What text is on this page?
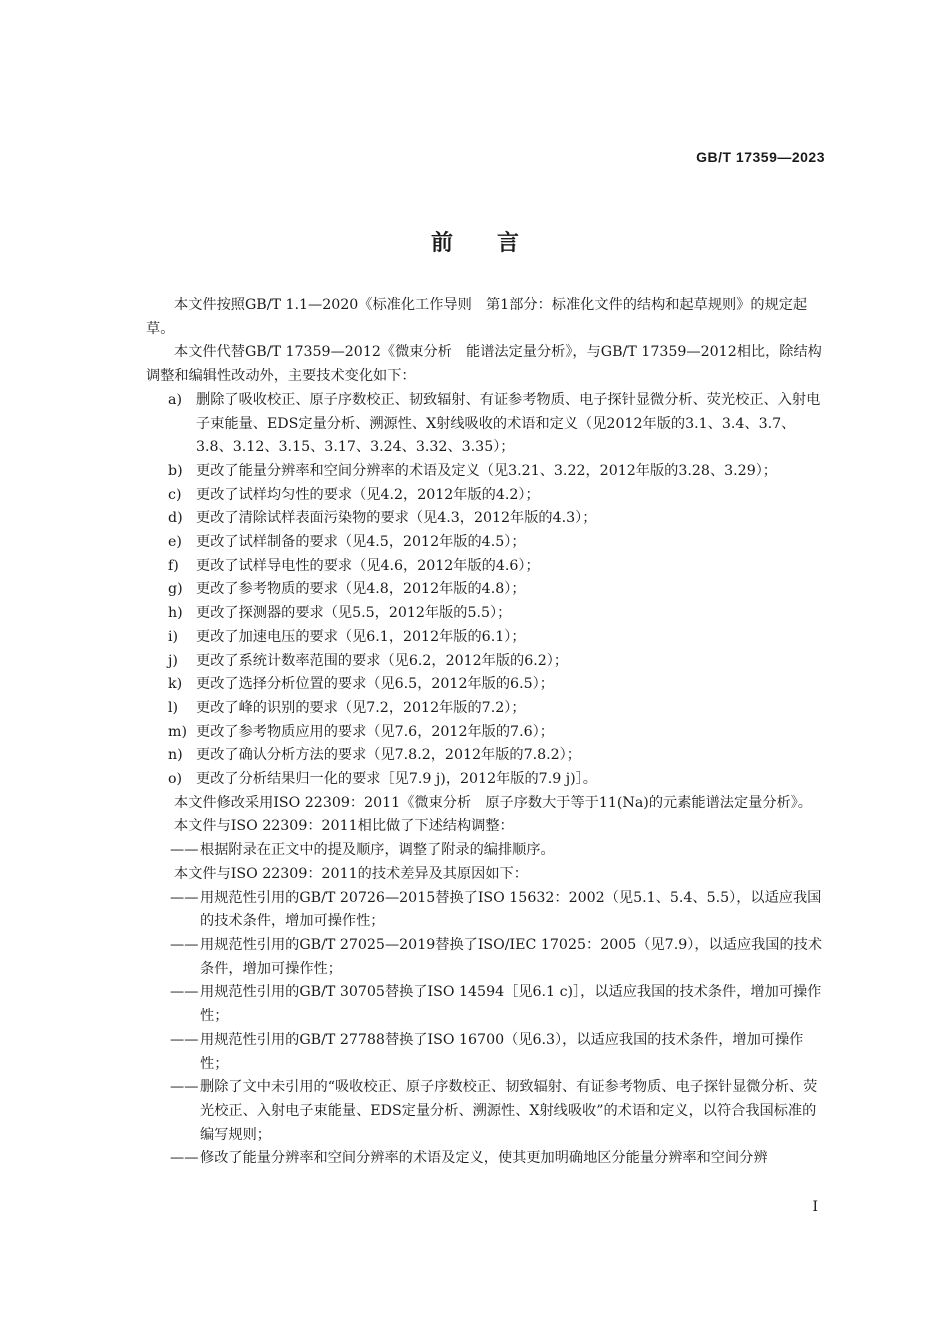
GB/T 17359—2023
前言
本文件按照GB/T 1.1—2020《标准化工作导则　第1部分：标准化文件的结构和起草规则》的规定起草。
本文件代替GB/T 17359—2012《微束分析　能谱法定量分析》，与GB/T 17359—2012相比，除结构调整和编辑性改动外，主要技术变化如下：
a) 删除了吸收校正、原子序数校正、韧致辐射、有证参考物质、电子探针显微分析、荧光校正、入射电子束能量、EDS定量分析、溯源性、X射线吸收的术语和定义（见2012年版的3.1、3.4、3.7、3.8、3.12、3.15、3.17、3.24、3.32、3.35）；
b) 更改了能量分辨率和空间分辨率的术语及定义（见3.21、3.22，2012年版的3.28、3.29）；
c)	更改了试样均匀性的要求（见4.2，2012年版的4.2）；
d) 更改了清除试样表面污染物的要求（见4.3，2012年版的4.3）；
e) 更改了试样制备的要求（见4.5，2012年版的4.5）；
f)	更改了试样导电性的要求（见4.6，2012年版的4.6）；
g) 更改了参考物质的要求（见4.8，2012年版的4.8）；
h) 更改了探测器的要求（见5.5，2012年版的5.5）；
i)	更改了加速电压的要求（见6.1，2012年版的6.1）；
j)	更改了系统计数率范围的要求（见6.2，2012年版的6.2）；
k) 更改了选择分析位置的要求（见6.5，2012年版的6.5）；
l)	更改了峰的识别的要求（见7.2，2012年版的7.2）；
m) 更改了参考物质应用的要求（见7.6，2012年版的7.6）；
n) 更改了确认分析方法的要求（见7.8.2，2012年版的7.8.2）；
o) 更改了分析结果归一化的要求［见7.9 j)，2012年版的7.9 j)］。
本文件修改采用ISO 22309：2011《微束分析　原子序数大于等于11(Na)的元素能谱法定量分析》。
本文件与ISO 22309：2011相比做了下述结构调整：
—— 根据附录在正文中的提及顺序，调整了附录的编排顺序。
本文件与ISO 22309：2011的技术差异及其原因如下：
—— 用规范性引用的GB/T 20726—2015替换了ISO 15632：2002（见5.1、5.4、5.5），以适应我国的技术条件，增加可操作性；
—— 用规范性引用的GB/T 27025—2019替换了ISO/IEC 17025：2005（见7.9），以适应我国的技术条件，增加可操作性；
—— 用规范性引用的GB/T 30705替换了ISO 14594［见6.1 c)］，以适应我国的技术条件，增加可操作性；
—— 用规范性引用的GB/T 27788替换了ISO 16700（见6.3），以适应我国的技术条件，增加可操作性；
—— 删除了文中未引用的“吸收校正、原子序数校正、韧致辐射、有证参考物质、电子探针显微分析、荧光校正、入射电子束能量、EDS定量分析、溯源性、X射线吸收”的术语和定义，以符合我国标准的编写规则；
—— 修改了能量分辨率和空间分辨率的术语及定义，使其更加明确地区分能量分辨率和空间分辨
I
